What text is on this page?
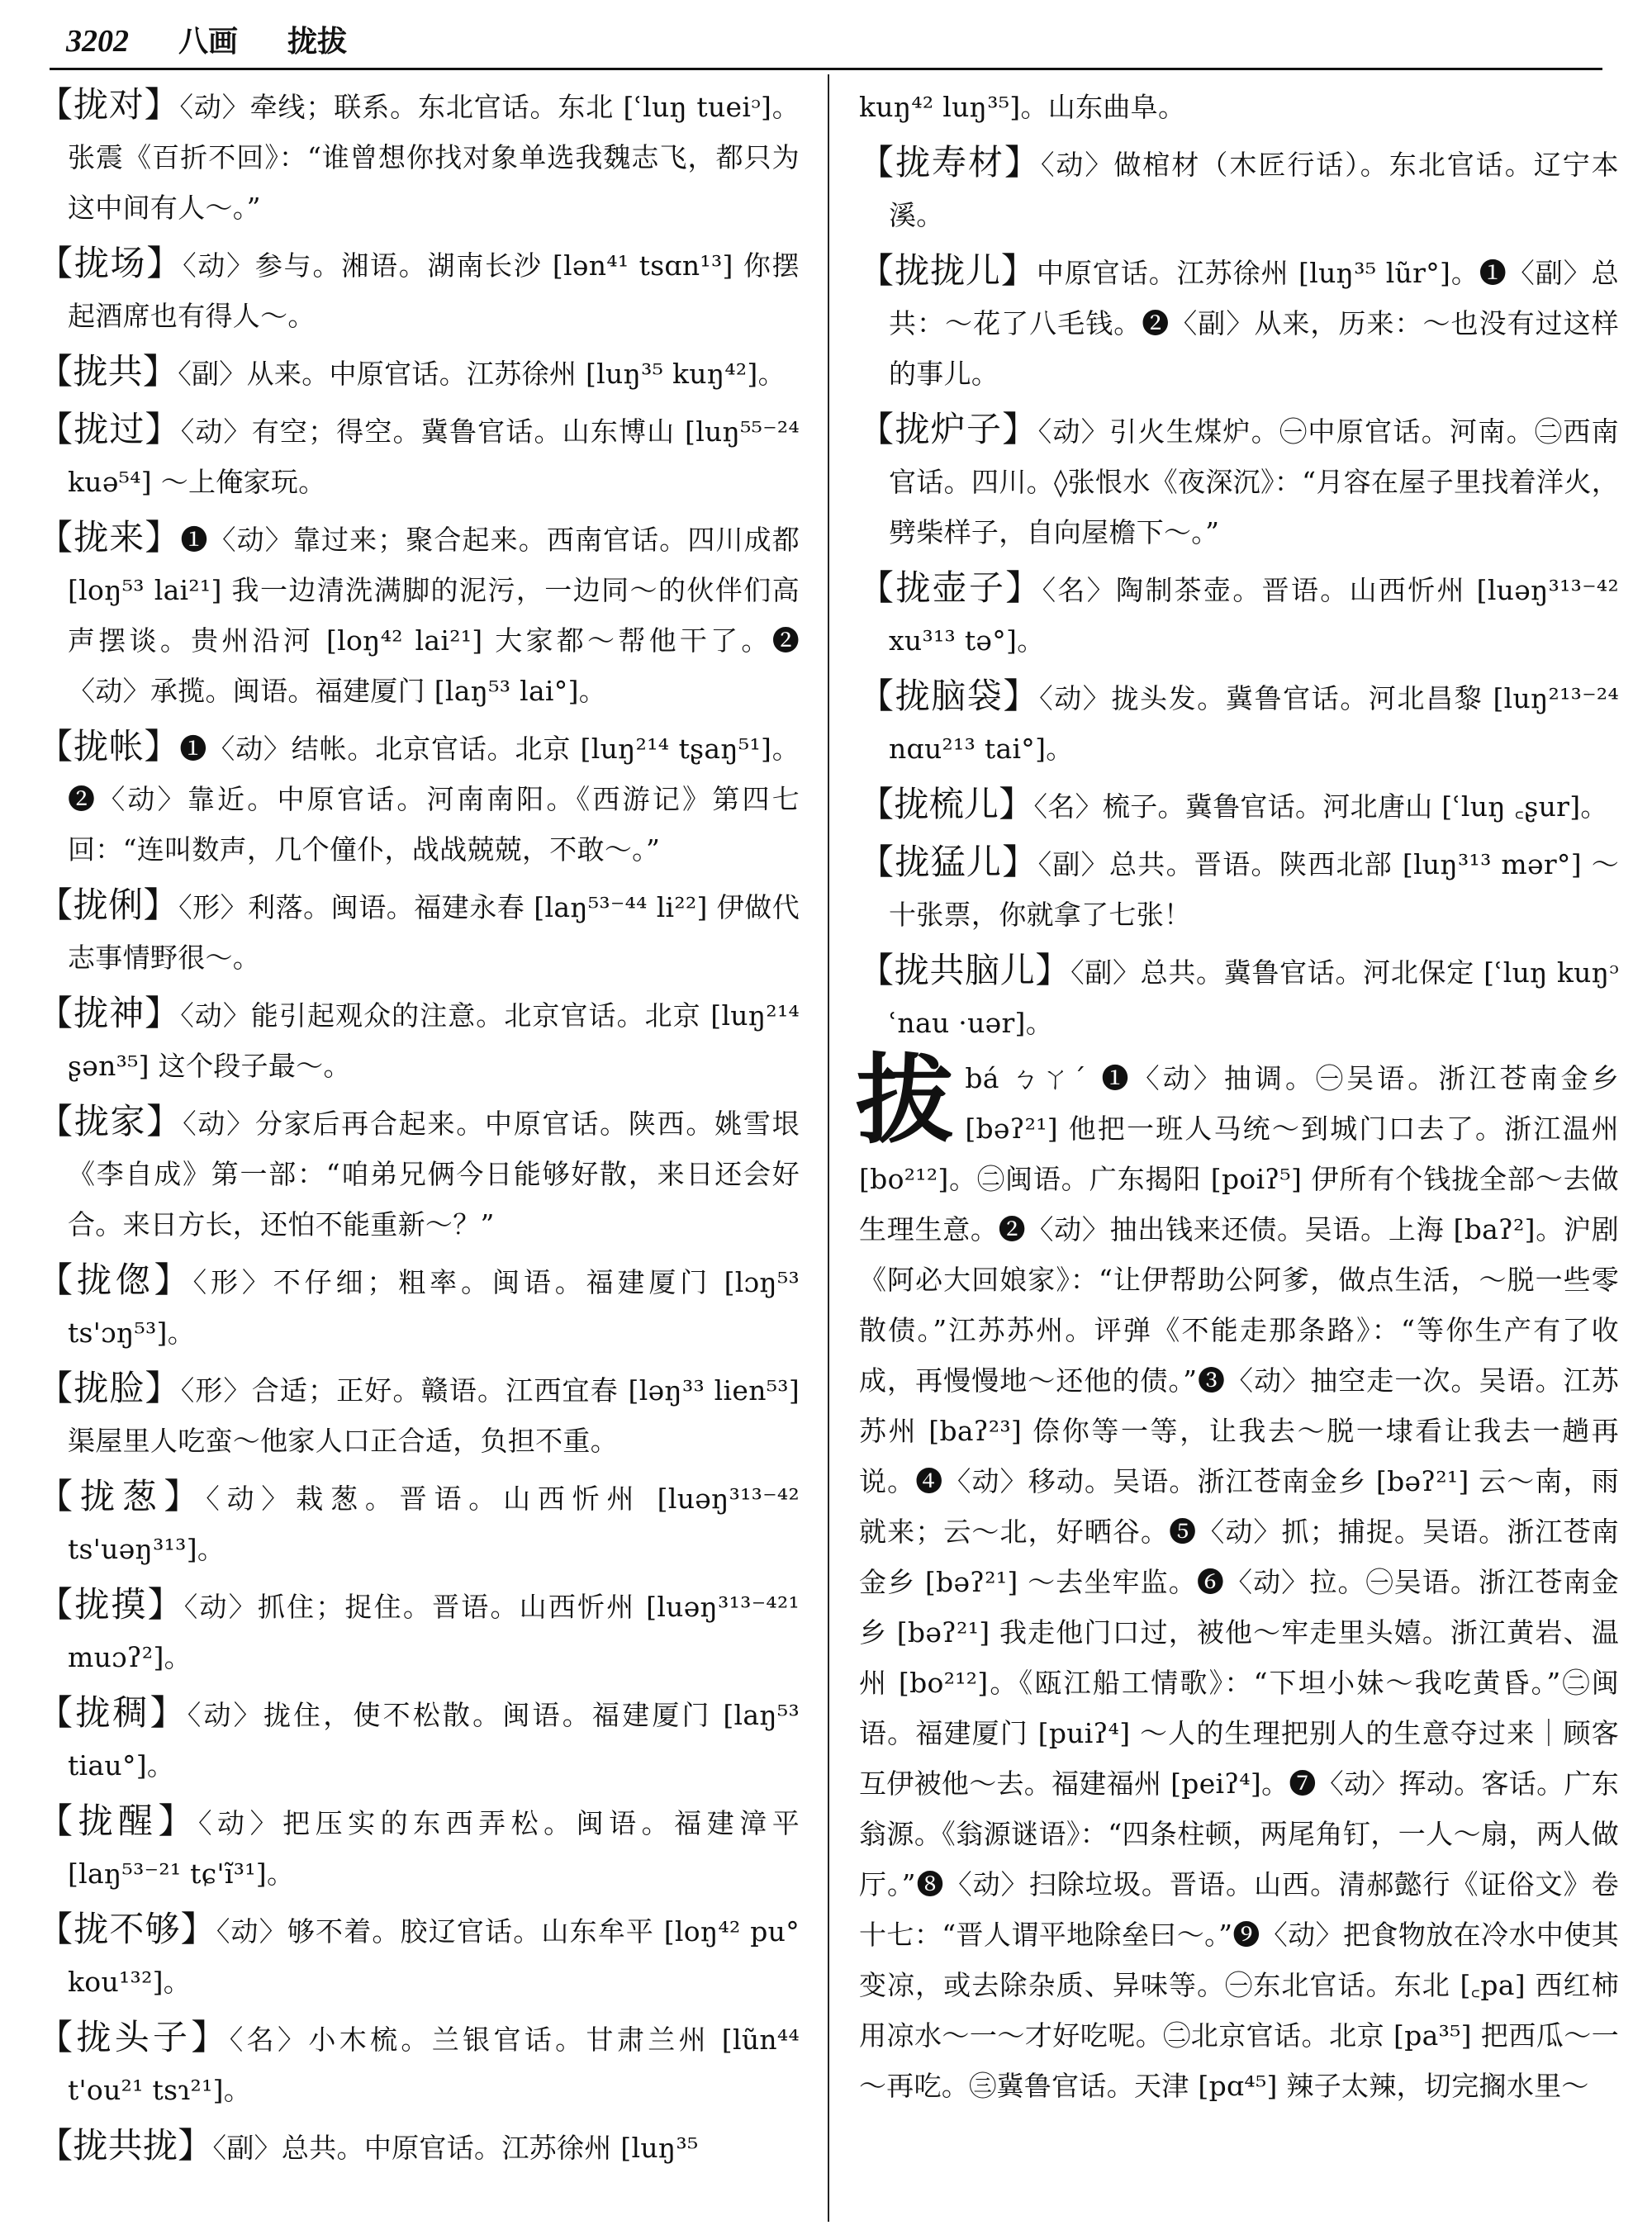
3202 八画 拢拔

【拢对】〈动〉牵线；联系。东北官话。东北 [ʿluŋ tueiᵓ]。张震《百折不回》：“谁曾想你找对象单选我魏志飞，都只为这中间有人～。”

【拢场】〈动〉参与。湘语。湖南长沙 [lən⁴¹ tsɑn¹³] 你摆起酒席也有得人～。

【拢共】〈副〉从来。中原官话。江苏徐州 [luŋ³⁵ kuŋ⁴²]。

【拢过】〈动〉有空；得空。冀鲁官话。山东博山 [luŋ⁵⁵⁻²⁴ kuə⁵⁴] ～上俺家玩。

【拢来】❶〈动〉靠过来；聚合起来。西南官话。四川成都 [loŋ⁵³ lai²¹] 我一边清洗满脚的泥污，一边同～的伙伴们高声摆谈。贵州沿河 [loŋ⁴² lai²¹] 大家都～帮他干了。❷〈动〉承揽。闽语。福建厦门 [laŋ⁵³ lai°]。

【拢帐】❶〈动〉结帐。北京官话。北京 [luŋ²¹⁴ tʂaŋ⁵¹]。❷〈动〉靠近。中原官话。河南南阳。《西游记》第四七回：“连叫数声，几个僮仆，战战兢兢，不敢～。”

【拢俐】〈形〉利落。闽语。福建永春 [laŋ⁵³⁻⁴⁴ li²²] 伊做代志事情野很～。

【拢神】〈动〉能引起观众的注意。北京官话。北京 [luŋ²¹⁴ ʂən³⁵] 这个段子最～。

【拢家】〈动〉分家后再合起来。中原官话。陕西。姚雪垠《李自成》第一部：“咱弟兄俩今日能够好散，来日还会好合。来日方长，还怕不能重新～？”

【拢偬】〈形〉不仔细；粗率。闽语。福建厦门 [lɔŋ⁵³ ts'ɔŋ⁵³]。

【拢脸】〈形〉合适；正好。赣语。江西宜春 [ləŋ³³ lien⁵³] 渠屋里人吃蛮～他家人口正合适，负担不重。

【拢葱】〈动〉栽葱。晋语。山西忻州 [luəŋ³¹³⁻⁴² ts'uəŋ³¹³]。

【拢摸】〈动〉抓住；捉住。晋语。山西忻州 [luəŋ³¹³⁻⁴²¹ muɔʔ²]。

【拢稠】〈动〉拢住，使不松散。闽语。福建厦门 [laŋ⁵³ tiau°]。

【拢醒】〈动〉把压实的东西弄松。闽语。福建漳平 [laŋ⁵³⁻²¹ tɕ'ĩ³¹]。

【拢不够】〈动〉够不着。胶辽官话。山东牟平 [loŋ⁴² pu° kou¹³²]。

【拢头子】〈名〉小木梳。兰银官话。甘肃兰州 [lũn⁴⁴ t'ou²¹ tsɿ²¹]。

【拢共拢】〈副〉总共。中原官话。江苏徐州 [luŋ³⁵

kuŋ⁴² luŋ³⁵]。山东曲阜。

【拢寿材】〈动〉做棺材（木匠行话）。东北官话。辽宁本溪。

【拢拢儿】中原官话。江苏徐州 [luŋ³⁵ lũr°]。❶〈副〉总共：～花了八毛钱。❷〈副〉从来，历来：～也没有过这样的事儿。

【拢炉子】〈动〉引火生煤炉。㊀中原官话。河南。㊁西南官话。四川。◊张恨水《夜深沉》：“月容在屋子里找着洋火，劈柴样子，自向屋檐下～。”

【拢壶子】〈名〉陶制茶壶。晋语。山西忻州 [luəŋ³¹³⁻⁴² xu³¹³ tə°]。

【拢脑袋】〈动〉拢头发。冀鲁官话。河北昌黎 [luŋ²¹³⁻²⁴ nɑu²¹³ tai°]。

【拢梳儿】〈名〉梳子。冀鲁官话。河北唐山 [ʿluŋ ꜀ʂur]。

【拢猛儿】〈副〉总共。晋语。陕西北部 [luŋ³¹³ mər°] ～十张票，你就拿了七张！

【拢共脑儿】〈副〉总共。冀鲁官话。河北保定 [ʿluŋ kuŋᵓ ʿnau ·uər]。

拔bá ㄅㄚˊ ❶〈动〉抽调。㊀吴语。浙江苍南金乡 [bəʔ²¹] 他把一班人马统～到城门口去了。浙江温州 [bo²¹²]。㊁闽语。广东揭阳 [poiʔ⁵] 伊所有个钱拢全部～去做生理生意。❷〈动〉抽出钱来还债。吴语。上海 [baʔ²]。沪剧《阿必大回娘家》：“让伊帮助公阿爹，做点生活，～脱一些零散债。”江苏苏州。评弹《不能走那条路》：“等你生产有了收成，再慢慢地～还他的债。”❸〈动〉抽空走一次。吴语。江苏苏州 [baʔ²³] 倷你等一等，让我去～脱一埭看让我去一趟再说。❹〈动〉移动。吴语。浙江苍南金乡 [bəʔ²¹] 云～南，雨就来；云～北，好晒谷。❺〈动〉抓；捕捉。吴语。浙江苍南金乡 [bəʔ²¹] ～去坐牢监。❻〈动〉拉。㊀吴语。浙江苍南金乡 [bəʔ²¹] 我走他门口过，被他～牢走里头嬉。浙江黄岩、温州 [bo²¹²]。《瓯江船工情歌》：“下坦小妹～我吃黄昏。”㊁闽语。福建厦门 [puiʔ⁴] ～人的生理把别人的生意夺过来｜顾客互伊被他～去。福建福州 [peiʔ⁴]。❼〈动〉挥动。客话。广东翁源。《翁源谜语》：“四条柱顿，两尾角钉，一人～扇，两人做厅。”❽〈动〉扫除垃圾。晋语。山西。清郝懿行《证俗文》卷十七：“晋人谓平地除垒曰～。”❾〈动〉把食物放在冷水中使其变凉，或去除杂质、异味等。㊀东北官话。东北 [꜀pa] 西红柿用凉水～一～才好吃呢。㊁北京官话。北京 [pa³⁵] 把西瓜～一～再吃。㊂冀鲁官话。天津 [pɑ⁴⁵] 辣子太辣，切完搁水里～
